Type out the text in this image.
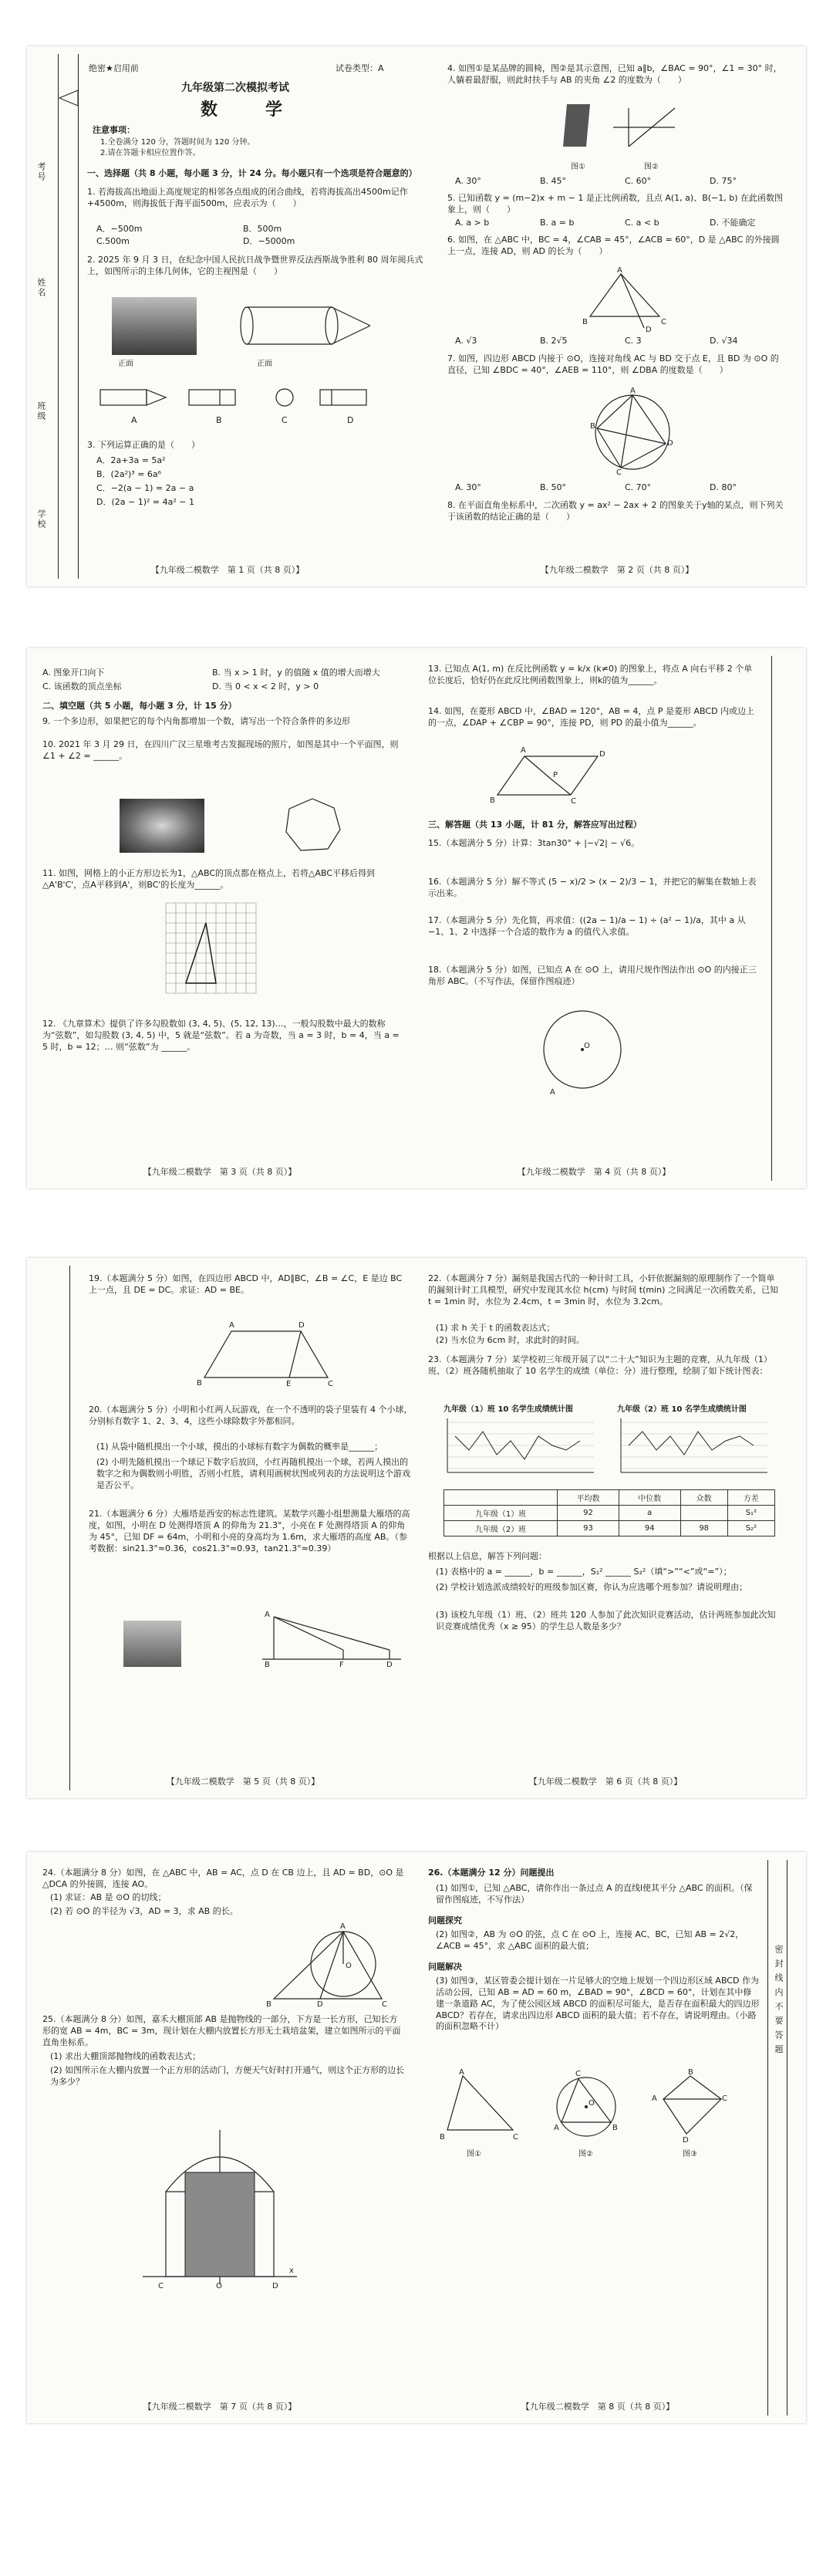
考号
姓名
班级
学校
绝密★启用前	试卷类型：A
九年级第二次模拟考试
数　学
注意事项：
1.全卷满分 120 分，答题时间为 120 分钟。
2.请在答题卡相应位置作答。
一、选择题（共 8 小题，每小题 3 分，计 24 分。每小题只有一个选项是符合题意的）
1. 若海拔高出地面上高度规定的相邻各点组成的闭合曲线，若将海拔高出4500m记作+4500m，则海拔低于海平面500m，应表示为（　　）
A．−500m	B．500m
C.500m	D．−5000m
2. 2025 年 9 月 3 日，在纪念中国人民抗日战争暨世界反法西斯战争胜利 80 周年阅兵式上，如图所示的主体几何体，它的主视图是（　　）
正面	正面
A	B	C	D
3. 下列运算正确的是（　　）
A．2a+3a = 5a²
B．(2a²)³ = 6a⁶
C．−2(a − 1) = 2a − a
D．(2a − 1)² = 4a² − 1
【九年级二模数学　第 1 页（共 8 页）】
4. 如图①是某品牌的圆椅，图②是其示意图，已知 a∥b，∠BAC = 90°，∠1 = 30° 时，人躺着最舒服，则此时扶手与 AB 的夹角 ∠2 的度数为（　　）
图①	图②
A. 30°	B. 45°	C. 60°	D. 75°
5. 已知函数 y = (m−2)x + m − 1 是正比例函数，且点 A(1, a)、B(−1, b) 在此函数图象上，则（　　）
A. a > b	B. a = b	C. a < b	D. 不能确定
6. 如图，在 △ABC 中，BC = 4，∠CAB = 45°，∠ACB = 60°，D 是 △ABC 的外接圆上一点，连接 AD，则 AD 的长为（　　）
A
B	C
D
A. √3	B. 2√5	C. 3	D. √34
7. 如图，四边形 ABCD 内接于 ⊙O，连接对角线 AC 与 BD 交于点 E，且 BD 为 ⊙O 的直径，已知 ∠BDC = 40°，∠AEB = 110°，则 ∠DBA 的度数是（　　）
A
B
D
C
A. 30°	B. 50°	C. 70°	D. 80°
8. 在平面直角坐标系中，二次函数 y = ax² − 2ax + 2 的图象关于y轴的某点，则下列关于该函数的结论正确的是（　　）
【九年级二模数学　第 2 页（共 8 页）】
A. 图象开口向下	B. 当 x > 1 时，y 的值随 x 值的增大而增大
C. 该函数的顶点坐标	D. 当 0 < x < 2 时，y > 0
二、填空题（共 5 小题，每小题 3 分，计 15 分）
9. 一个多边形，如果把它的每个内角都增加一个数，请写出一个符合条件的多边形
10. 2021 年 3 月 29 日，在四川广汉三星堆考古发掘现场的照片，如图是其中一个平面图，则∠1 + ∠2 = ______。
11. 如图，网格上的小正方形边长为1，△ABC的顶点都在格点上，若将△ABC平移后得到△A'B'C'，点A平移到A'，则BC'的长度为______。
12. 《九章算术》提供了许多勾股数如 (3, 4, 5)、(5, 12, 13)…，一般勾股数中最大的数称为“弦数”，如勾股数 (3, 4, 5) 中，5 就是“弦数”。若 a 为奇数，当 a = 3 时，b = 4，当 a = 5 时，b = 12；… 则“弦数”为 ______。
【九年级二模数学　第 3 页（共 8 页）】
13. 已知点 A(1, m) 在反比例函数 y = k/x (k≠0) 的图象上，将点 A 向右平移 2 个单位长度后，恰好仍在此反比例函数图象上，则k的值为______。
14. 如图，在菱形 ABCD 中，∠BAD = 120°，AB = 4，点 P 是菱形 ABCD 内或边上的一点，∠DAP + ∠CBP = 90°，连接 PD，则 PD 的最小值为______。
A
B
D
C
P
三、解答题（共 13 小题，计 81 分，解答应写出过程）
15.（本题满分 5 分）计算：3tan30° + |−√2| − √6。
16.（本题满分 5 分）解不等式 (5 − x)/2 > (x − 2)/3 − 1，并把它的解集在数轴上表示出来。
17.（本题满分 5 分）先化简，再求值：((2a − 1)/a − 1) ÷ (a² − 1)/a，其中 a 从 −1、1、2 中选择一个合适的数作为 a 的值代入求值。
18.（本题满分 5 分）如图，已知点 A 在 ⊙O 上，请用尺规作图法作出 ⊙O 的内接正三角形 ABC。（不写作法，保留作图痕迹）
O
A
【九年级二模数学　第 4 页（共 8 页）】
19.（本题满分 5 分）如图，在四边形 ABCD 中，AD∥BC，∠B = ∠C，E 是边 BC 上一点，且 DE = DC。求证：AD = BE。
A	D
B	E	C
20.（本题满分 5 分）小明和小红两人玩游戏，在一个不透明的袋子里装有 4 个小球，分别标有数字 1、2、3、4，这些小球除数字外都相同。
(1) 从袋中随机摸出一个小球，摸出的小球标有数字为偶数的概率是______；
(2) 小明先随机摸出一个球记下数字后放回，小红再随机摸出一个球，若两人摸出的数字之和为偶数则小明胜，否则小红胜，请利用画树状图或列表的方法说明这个游戏是否公平。
21.（本题满分 6 分）大雁塔是西安的标志性建筑。某数学兴趣小组想测量大雁塔的高度，如图，小明在 D 处测得塔顶 A 的仰角为 21.3°，小亮在 F 处测得塔顶 A 的仰角为 45°，已知 DF = 64m，小明和小亮的身高均为 1.6m，求大雁塔的高度 AB。（参考数据：sin21.3°≈0.36，cos21.3°≈0.93，tan21.3°≈0.39）
A
B	F	D
【九年级二模数学　第 5 页（共 8 页）】
22.（本题满分 7 分）漏刻是我国古代的一种计时工具，小轩依据漏刻的原理制作了一个简单的漏刻计时工具模型，研究中发现其水位 h(cm) 与时间 t(min) 之间满足一次函数关系，已知 t = 1min 时，水位为 2.4cm，t = 3min 时，水位为 3.2cm。
(1) 求 h 关于 t 的函数表达式；
(2) 当水位为 6cm 时，求此时的时间。
23.（本题满分 7 分）某学校初三年级开展了以“二十大”知识为主题的竞赛，从九年级（1）班、（2）班各随机抽取了 10 名学生的成绩（单位：分）进行整理，绘制了如下统计图表：
九年级（1）班 10 名学生成绩统计图	九年级（2）班 10 名学生成绩统计图
	平均数	中位数	众数	方差
九年级（1）班	92	a		S₁²
九年级（2）班	93	94	98	S₂²
根据以上信息，解答下列问题：
(1) 表格中的 a = ______，b = ______，S₁² ______ S₂²（填“>”“<”或“=”）；
(2) 学校计划选派成绩较好的班级参加区赛，你认为应选哪个班参加？请说明理由；
(3) 该校九年级（1）班、（2）班共 120 人参加了此次知识竞赛活动，估计两班参加此次知识竞赛成绩优秀（x ≥ 95）的学生总人数是多少？
【九年级二模数学　第 6 页（共 8 页）】
24.（本题满分 8 分）如图，在 △ABC 中，AB = AC，点 D 在 CB 边上，且 AD = BD，⊙O 是 △DCA 的外接圆，连接 AO。
(1) 求证：AB 是 ⊙O 的切线；
(2) 若 ⊙O 的半径为 √3，AD = 3，求 AB 的长。
A
B	D	C
O
25.（本题满分 8 分）如图，嘉禾大棚顶部 AB 是抛物线的一部分，下方是一长方形，已知长方形的宽 AB = 4m，BC = 3m，现计划在大棚内放置长方形无土栽培盆架，建立如图所示的平面直角坐标系。
(1) 求出大棚顶部抛物线的函数表达式；
(2) 如图所示在大棚内放置一个正方形的活动门，方便天气好时打开通气，则这个正方形的边长为多少？
C	O	D
x
【九年级二模数学　第 7 页（共 8 页）】
26.（本题满分 12 分）问题提出
(1) 如图①，已知 △ABC，请你作出一条过点 A 的直线l使其平分 △ABC 的面积。（保留作图痕迹，不写作法）
问题探究
(2) 如图②，AB 为 ⊙O 的弦，点 C 在 ⊙O 上，连接 AC、BC，已知 AB = 2√2，∠ACB = 45°，求 △ABC 面积的最大值；
问题解决
(3) 如图③，某区管委会提计划在一片足够大的空地上规划一个四边形区域 ABCD 作为活动公园，已知 AB = AD = 60 m，∠BAD = 90°，∠BCD = 60°，计划在其中修建一条道路 AC，为了使公园区域 ABCD 的面积尽可能大，是否存在面积最大的四边形 ABCD？若存在，请求出四边形 ABCD 面积的最大值；若不存在，请说明理由。（小路的面积忽略不计）
A
B	C
C
A	B
O
A
B
C
D
图①	图②	图③
密 封 线 内 不 要 答 题
【九年级二模数学　第 8 页（共 8 页）】
